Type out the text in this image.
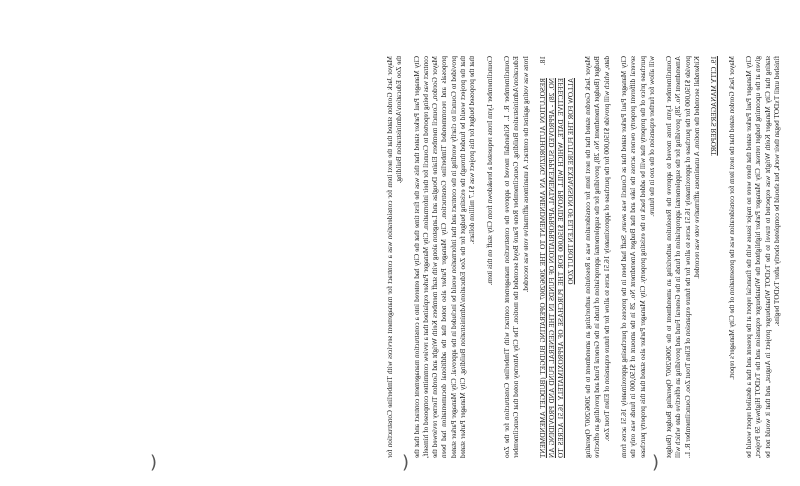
Mayor Jack Gordon stated that the next item for consideration was a contract for management services with Timberline Construction for the Zoo Education/Administration Building. City Manager Paul Parker stated that this was the first time that the City had entered into a construction management contract and that the contract was being reported to Council for their information. City Manager Parker explained that a review committee composed of himself, Mayor Gordon, Council members Elaine Douglas and Langston along with staff members Keith Wright and Gordon Tierney reviewed the proposals and recommended Timberline Construction. City Manager Parker also noted that the additional documentation had been provided to Council to clarify wording in the contract and that information would be included in the approval. City Manager Parker stated that the project would be funded through the existing budget for the Zoo Education/Administration Building. City Manager Parker stated that the proposed budget for this project was $1.7 million dollars. Councilmember Lynn Irons requested a breakdown from City staff on this item. Councilmember R. L. Kirkendall moved to approve the construction management contract with Timberline Construction for the Zoo Education/Administration Building. Councilmember Rene Fauré Boyd seconded the motion. The City Attorney noted that Councilmember Irons was voting against the contract. A unanimous affirmative vote was recorded. 18.
RESOLUTION AUTHORIZING AN AMENDMENT TO THE 2006/2007 OPERATING BUDGET (BUDGET AMENDMENT NO. 28) - APPROVED SUPPLEMENTAL APPROPRIATION OF FUNDS IN THE GENERAL FUND AND PROVIDING AN EFFECTIVE DATE, WHICH WILL PROVIDE $150,000 FOR THE PURCHASE OF APPROXIMATELY 16.51 ACRES TO ALLOW FOR THE FUTURE EXPANSION OF ELLEN TROUT ZOO Mayor Jack Gordon stated that the next item for consideration was a Resolution authorizing an amendment to the 2006/2007 Operating Budget (Budget Amendment No. 28), providing for the supplemental appropriation of funds in the General Fund and providing an effective date, which will provide $150,000 for the purchase of approximately 16.51 acres to allow for the future expansion of Ellen Trout Zoo. City Manager Paul Parker stated that as Council was aware, Staff had been in the process of purchasing approximately 16.51 acres from several different property owners across the lake and that Budget Amendment No. 28 in the amount of $150,000 in funds was only the purchase price of the property that will be added back to the existing property. City Manager Parker also stated that this property purchase will allow for further expansion of the zoo in the future. Councilmember Lynn Irons moved to approve the Resolution authorizing an amendment to the 2006/2007 Operating Budget (Budget Amendment No. 28), providing for the supplemental appropriation of funds in the General Fund and providing an effective date which will provide $150,000 for the purchase of approximately 16.51 acres to allow for the future expansion of Ellen Trout Zoo. Councilmember R. L. Kirkendall seconded the motion. A unanimous affirmative vote was recorded. 19. CITY MANAGER'S REPORT Mayor Jack Gordon stated that the next item for consideration was the presentation of the City Manager's report. City Manager Paul Parker stated that there were no major issues with the financial report at the present and that a detailed report would be given at the upcoming budget retreat. City Manager Parker highlighted the Whataburger expansion and the TxDOT Highway 59 Project, stating that City Manager Keith Wright was expected to travel to the TxDOT Whataburger project in August, and that it would not be finished until TxDOT began their work, but should be completed shortly after TxDOT begins.

)	)	)
